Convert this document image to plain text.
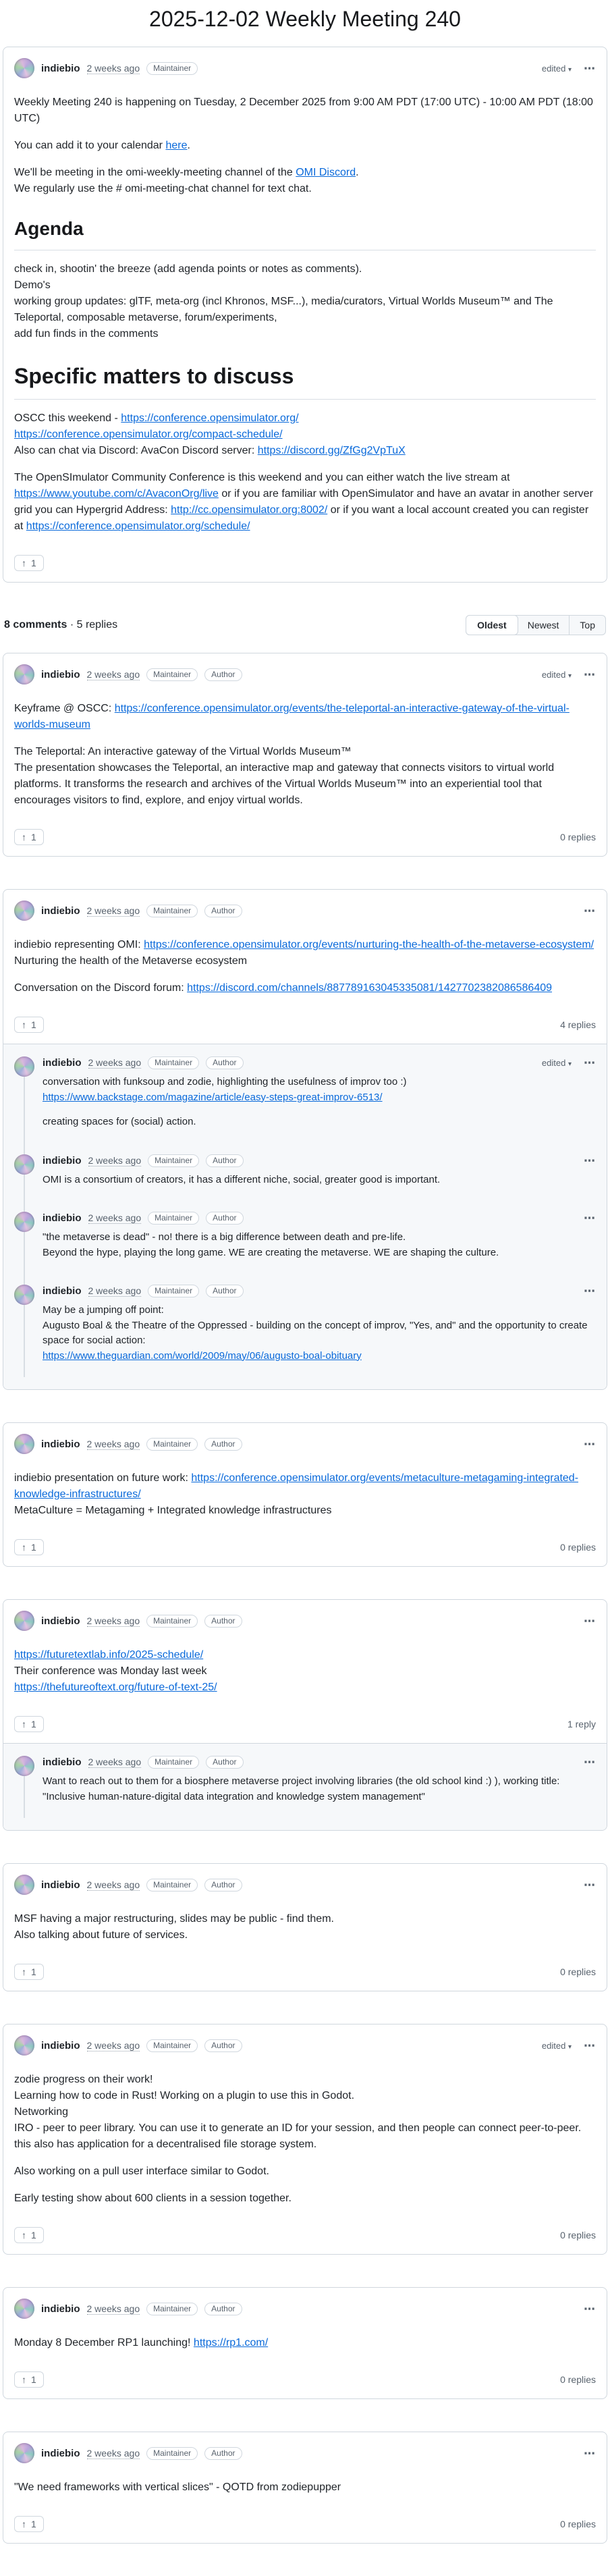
2025-12-02 Weekly Meeting 240
indiebio 2 weeks ago	Maintainer	edited ▾ ⋯

Weekly Meeting 240 is happening on Tuesday, 2 December 2025 from 9:00 AM PDT (17:00 UTC) - 10:00 AM PDT (18:00 UTC)

You can add it to your calendar here.

We'll be meeting in the omi-weekly-meeting channel of the OMI Discord.
We regularly use the # omi-meeting-chat channel for text chat.

Agenda

check in, shootin' the breeze (add agenda points or notes as comments).
Demo's
working group updates: glTF, meta-org (incl Khronos, MSF...), media/curators, Virtual Worlds Museum™ and The Teleportal, composable metaverse, forum/experiments,
add fun finds in the comments

Specific matters to discuss

OSCC this weekend - https://conference.opensimulator.org/
https://conference.opensimulator.org/compact-schedule/
Also can chat via Discord: AvaCon Discord server: https://discord.gg/ZfGg2VpTuX

The OpenSImulator Community Conference is this weekend and you can either watch the live stream at https://www.youtube.com/c/AvaconOrg/live or if you are familiar with OpenSimulator and have an avatar in another server grid you can Hypergrid Address: http://cc.opensimulator.org:8002/ or if you want a local account created you can register at https://conference.opensimulator.org/schedule/

↑ 1
8 comments · 5 replies	Oldest	Newest	Top
indiebio 2 weeks ago	Maintainer	Author	edited ▾ ⋯

Keyframe @ OSCC: https://conference.opensimulator.org/events/the-teleportal-an-interactive-gateway-of-the-virtual-worlds-museum

The Teleportal: An interactive gateway of the Virtual Worlds Museum™
The presentation showcases the Teleportal, an interactive map and gateway that connects visitors to virtual world platforms. It transforms the research and archives of the Virtual Worlds Museum™ into an experiential tool that encourages visitors to find, explore, and enjoy virtual worlds.

↑ 1	0 replies
indiebio 2 weeks ago	Maintainer	Author	⋯

indiebio representing OMI: https://conference.opensimulator.org/events/nurturing-the-health-of-the-metaverse-ecosystem/
Nurturing the health of the Metaverse ecosystem

Conversation on the Discord forum: https://discord.com/channels/887789163045335081/1427702382086586409

↑ 1	4 replies
indiebio 2 weeks ago	Maintainer	Author	edited ▾ ⋯

conversation with funksoup and zodie, highlighting the usefulness of improv too :) https://www.backstage.com/magazine/article/easy-steps-great-improv-6513/

creating spaces for (social) action.

indiebio 2 weeks ago	Maintainer	Author	⋯

OMI is a consortium of creators, it has a different niche, social, greater good is important.

indiebio 2 weeks ago	Maintainer	Author	⋯

"the metaverse is dead" - no! there is a big difference between death and pre-life.
Beyond the hype, playing the long game. WE are creating the metaverse. WE are shaping the culture.

indiebio 2 weeks ago	Maintainer	Author	⋯

May be a jumping off point:
Augusto Boal & the Theatre of the Oppressed - building on the concept of improv, "Yes, and" and the opportunity to create space for social action:
https://www.theguardian.com/world/2009/may/06/augusto-boal-obituary

indiebio 2 weeks ago	Maintainer	Author	⋯

indiebio presentation on future work: https://conference.opensimulator.org/events/metaculture-metagaming-integrated-knowledge-infrastructures/
MetaCulture = Metagaming + Integrated knowledge infrastructures

↑ 1	0 replies
indiebio 2 weeks ago	Maintainer	Author	⋯

https://futuretextlab.info/2025-schedule/
Their conference was Monday last week
https://thefutureoftext.org/future-of-text-25/

↑ 1	1 reply
indiebio 2 weeks ago	Maintainer	Author	⋯

Want to reach out to them for a biosphere metaverse project involving libraries (the old school kind :) ), working title: "Inclusive human-nature-digital data integration and knowledge system management"

indiebio 2 weeks ago	Maintainer	Author	⋯

MSF having a major restructuring, slides may be public - find them.
Also talking about future of services.

↑ 1	0 replies
indiebio 2 weeks ago	Maintainer	Author	edited ▾ ⋯

zodie progress on their work!
Learning how to code in Rust! Working on a plugin to use this in Godot.
Networking
IRO - peer to peer library. You can use it to generate an ID for your session, and then people can connect peer-to-peer.
this also has application for a decentralised file storage system.

Also working on a pull user interface similar to Godot.

Early testing show about 600 clients in a session together.

↑ 1	0 replies
indiebio 2 weeks ago	Maintainer	Author	⋯

Monday 8 December RP1 launching! https://rp1.com/

↑ 1	0 replies
indiebio 2 weeks ago	Maintainer	Author	⋯

"We need frameworks with vertical slices" - QOTD from zodiepupper

↑ 1	0 replies
